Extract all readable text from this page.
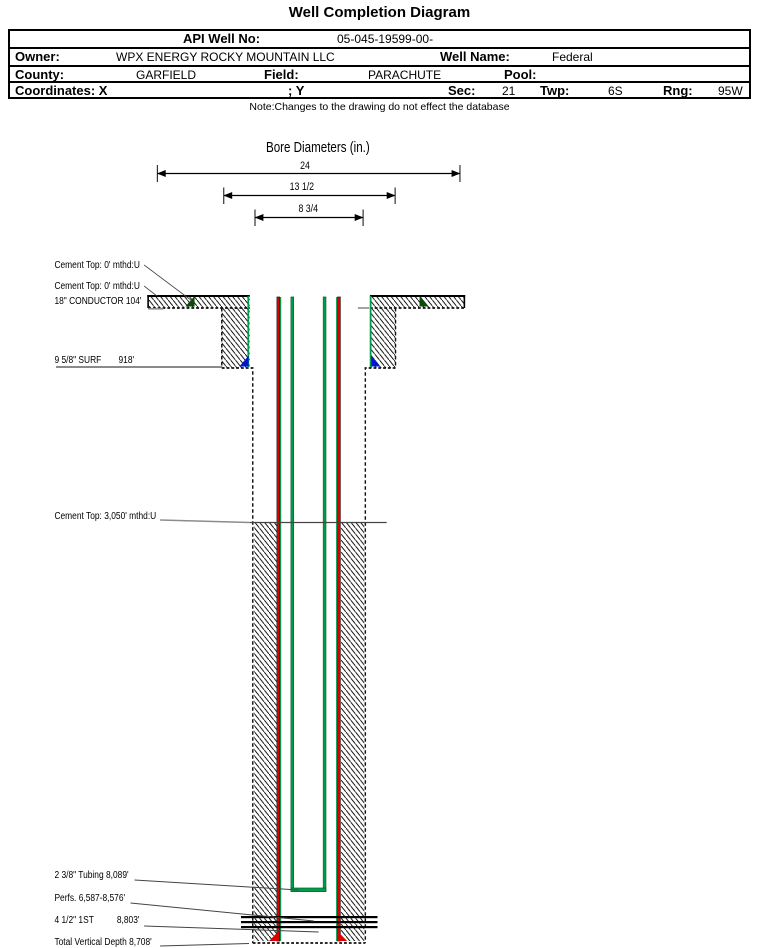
Well Completion Diagram
API Well No:	05-045-19599-00-
Owner:	WPX ENERGY ROCKY MOUNTAIN LLC	Well Name:	Federal
County:	GARFIELD	Field:	PARACHUTE	Pool:
Coordinates: X	; Y	Sec: 21 Twp:	6S	Rng: 95W
Note:Changes to the drawing do not effect the database
Bore Diameters (in.)
24
13 1/2
8 3/4
Cement Top: 0' mthd:U
Cement Top: 0' mthd:U
18" CONDUCTOR 104'
9 5/8" SURF 918'
Cement Top: 3,050' mthd:U
2 3/8" Tubing 8,089'
Perfs. 6,587-8,576'
4 1/2" 1ST 8,803'
Total Vertical Depth 8,708'
